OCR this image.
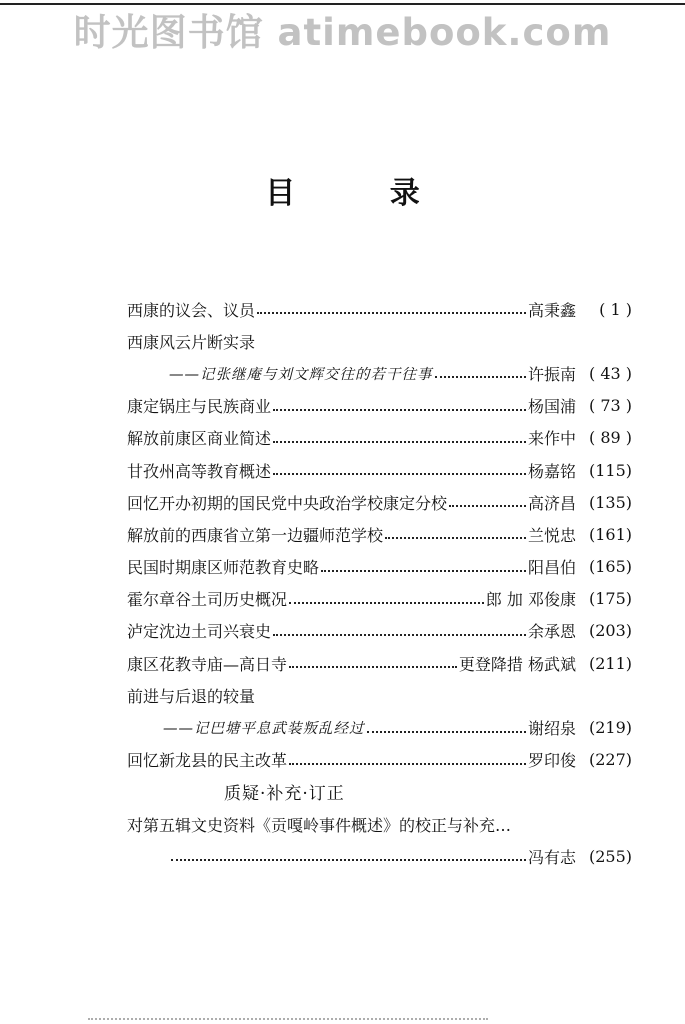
时光图书馆 atimebook.com
目 录
西康的议会、议员	高秉鑫	( 1 )
西康风云片断实录
——记张继庵与刘文辉交往的若干往事	许振南 ( 43 )
康定锅庄与民族商业	杨国浦 ( 73 )
解放前康区商业简述	来作中 ( 89 )
甘孜州高等教育概述	杨嘉铭 (115)
回忆开办初期的国民党中央政治学校康定分校	高济昌 (135)
解放前的西康省立第一边疆师范学校	兰悦忠 (161)
民国时期康区师范教育史略	阳昌伯 (165)
霍尔章谷土司历史概况	郎 加 邓俊康 (175)
泸定沈边土司兴衰史	余承恩 (203)
康区花教寺庙—高日寺	更登降措 杨武斌 (211)
前进与后退的较量
——记巴塘平息武装叛乱经过	谢绍泉 (219)
回忆新龙县的民主改革	罗印俊 (227)
质疑·补充·订正
对第五辑文史资料《贡嘎岭事件概述》的校正与补充…
冯有志 (255)
